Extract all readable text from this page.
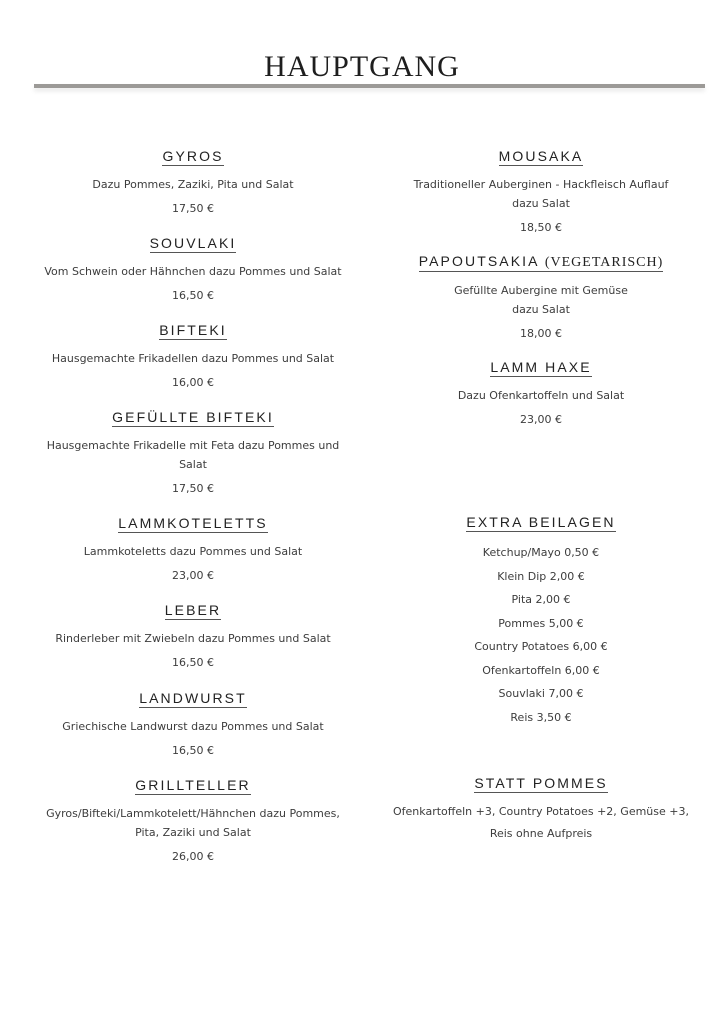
HAUPTGANG
GYROS
Dazu Pommes, Zaziki, Pita und Salat
17,50 €
SOUVLAKI
Vom Schwein oder Hähnchen dazu Pommes und Salat
16,50 €
BIFTEKI
Hausgemachte Frikadellen dazu Pommes und Salat
16,00 €
GEFÜLLTE BIFTEKI
Hausgemachte Frikadelle mit Feta dazu Pommes und
Salat
17,50 €
LAMMKOTELETTS
Lammkoteletts dazu Pommes und Salat
23,00 €
LEBER
Rinderleber mit Zwiebeln dazu Pommes und Salat
16,50 €
LANDWURST
Griechische Landwurst dazu Pommes und Salat
16,50 €
GRILLTELLER
Gyros/Bifteki/Lammkotelett/Hähnchen dazu Pommes,
Pita, Zaziki und Salat
26,00 €
MOUSAKA
Traditioneller Auberginen - Hackfleisch Auflauf
dazu Salat
18,50 €
PAPOUTSAKIA (VEGETARISCH)
Gefüllte Aubergine mit Gemüse
dazu Salat
18,00 €
LAMM HAXE
Dazu Ofenkartoffeln und Salat
23,00 €
EXTRA BEILAGEN
Ketchup/Mayo 0,50 €
Klein Dip 2,00 €
Pita 2,00 €
Pommes 5,00 €
Country Potatoes 6,00 €
Ofenkartoffeln 6,00 €
Souvlaki 7,00 €
Reis 3,50 €
STATT POMMES
Ofenkartoffeln +3, Country Potatoes +2, Gemüse +3,
Reis ohne Aufpreis
